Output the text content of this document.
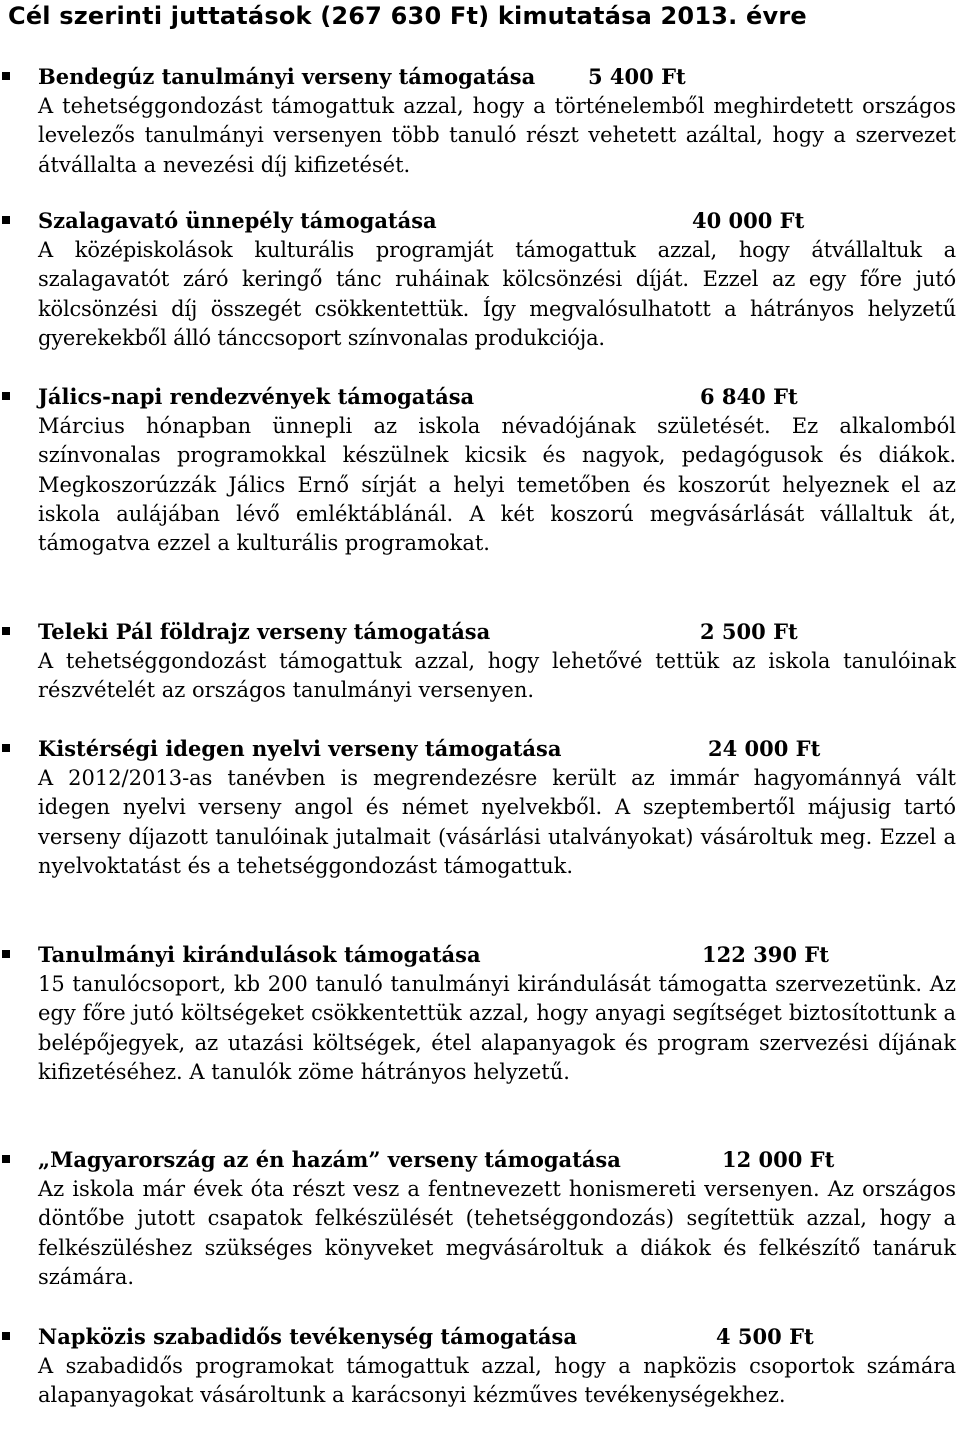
Cél szerinti juttatások (267 630 Ft) kimutatása 2013. évre
Bendegúz tanulmányi verseny támogatása	5 400 Ft
A tehetséggondozást támogattuk azzal, hogy a történelemből meghirdetett országos levelezős tanulmányi versenyen több tanuló részt vehetett azáltal, hogy a szervezet átvállalta a nevezési díj kifizetését.
Szalagavató ünnepély támogatása	40 000 Ft
A középiskolások kulturális programját támogattuk azzal, hogy átvállaltuk a szalagavatót záró keringő tánc ruháinak kölcsönzési díját. Ezzel az egy főre jutó kölcsönzési díj összegét csökkentettük. Így megvalósulhatott a hátrányos helyzetű gyerekekből álló tánccsoport színvonalas produkciója.
Jálics-napi rendezvények támogatása	6 840 Ft
Március hónapban ünnepli az iskola névadójának születését. Ez alkalomból színvonalas programokkal készülnek kicsik és nagyok, pedagógusok és diákok. Megkoszorúzzák Jálics Ernő sírját a helyi temetőben és koszorút helyeznek el az iskola aulájában lévő emléktáblánál. A két koszorú megvásárlását vállaltuk át, támogatva ezzel a kulturális programokat.
Teleki Pál földrajz verseny támogatása	2 500 Ft
A tehetséggondozást támogattuk azzal, hogy lehetővé tettük az iskola tanulóinak részvételét az országos tanulmányi versenyen.
Kistérségi idegen nyelvi verseny támogatása	24 000 Ft
A 2012/2013-as tanévben is megrendezésre került az immár hagyománnyá vált idegen nyelvi verseny angol és német nyelvekből. A szeptembertől májusig tartó verseny díjazott tanulóinak jutalmait (vásárlási utalványokat) vásároltuk meg. Ezzel a nyelvoktatást és a tehetséggondozást támogattuk.
Tanulmányi kirándulások támogatása	122 390 Ft
15 tanulócsoport, kb 200 tanuló tanulmányi kirándulását támogatta szervezetünk. Az egy főre jutó költségeket csökkentettük azzal, hogy anyagi segítséget biztosítottunk a belépőjegyek, az utazási költségek, étel alapanyagok és program szervezési díjának kifizetéséhez. A tanulók zöme hátrányos helyzetű.
„Magyarország az én hazám” verseny támogatása	12 000 Ft
Az iskola már évek óta részt vesz a fentnevezett honismereti versenyen. Az országos döntőbe jutott csapatok felkészülését (tehetséggondozás) segítettük azzal, hogy a felkészüléshez szükséges könyveket megvásároltuk a diákok és felkészítő tanáruk számára.
Napközis szabadidős tevékenység támogatása	4 500 Ft
A szabadidős programokat támogattuk azzal, hogy a napközis csoportok számára alapanyagokat vásároltunk a karácsonyi kézműves tevékenységekhez.
